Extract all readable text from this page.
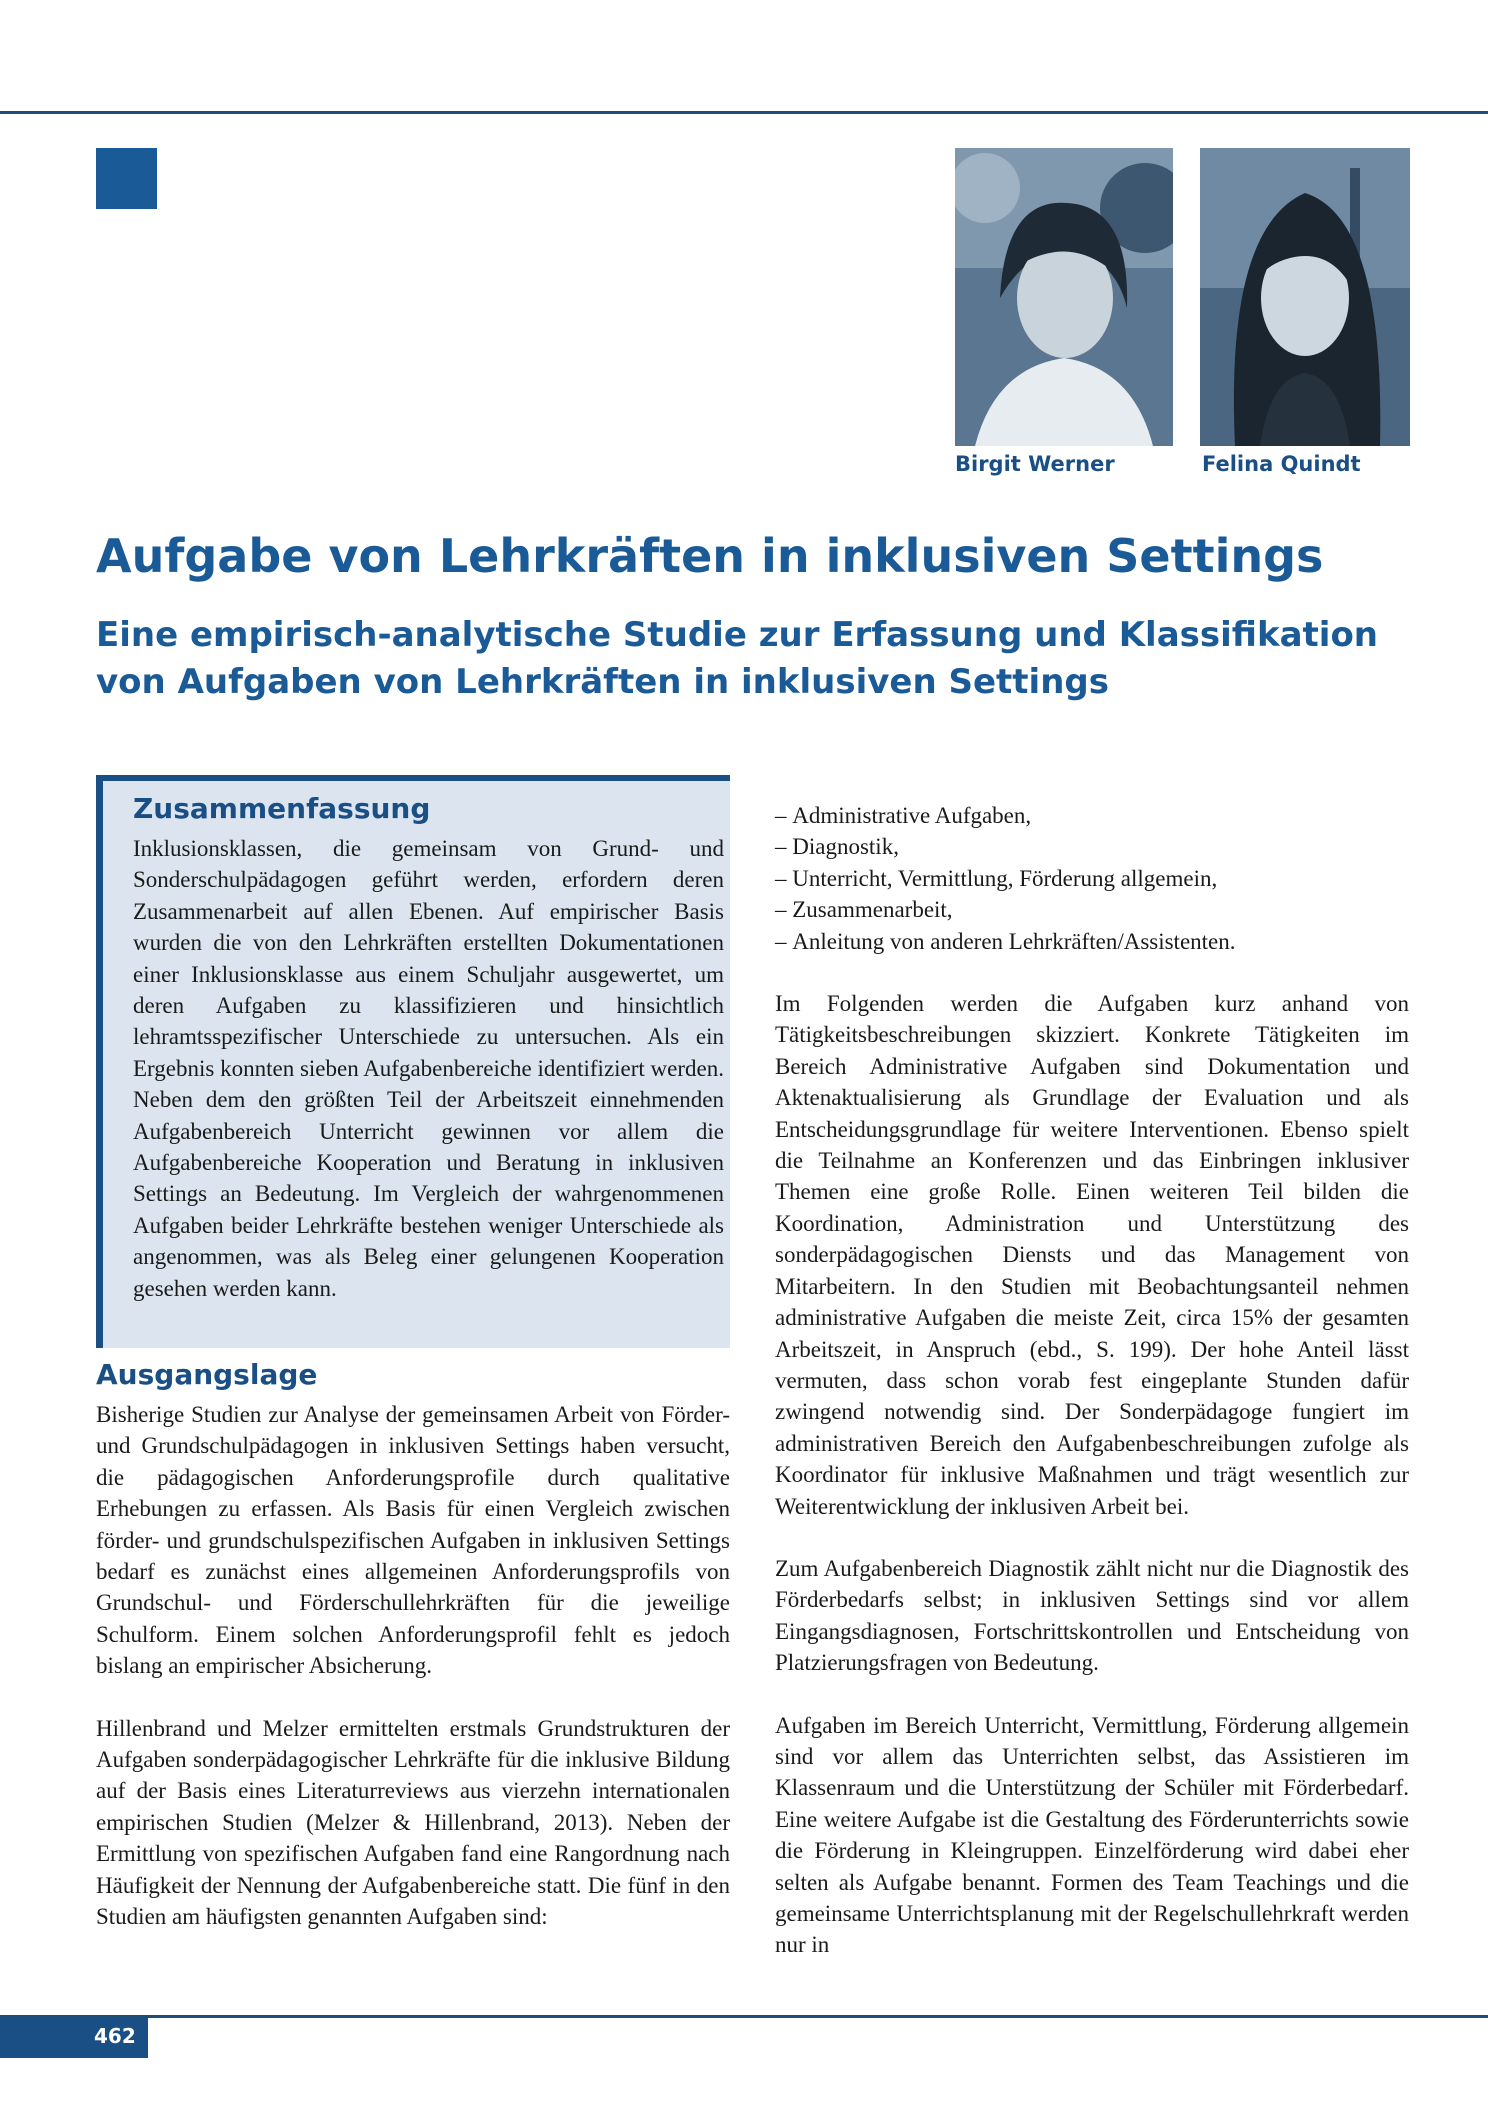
Birgit Werner	Felina Quindt
Aufgabe von Lehrkräften in inklusiven Settings
Eine empirisch-analytische Studie zur Erfassung und Klassifikation
von Aufgaben von Lehrkräften in inklusiven Settings
Zusammenfassung

Inklusionsklassen, die gemeinsam von Grund- und Sonderschulpädagogen geführt werden, erfordern deren Zusammenarbeit auf allen Ebenen. Auf empirischer Basis wurden die von den Lehrkräften erstellten Dokumentationen einer Inklusionsklasse aus einem Schuljahr ausgewertet, um deren Aufgaben zu klassifizieren und hinsichtlich lehramtsspezifischer Unterschiede zu untersuchen. Als ein Ergebnis konnten sieben Aufgabenbereiche identifiziert werden. Neben dem den größten Teil der Arbeitszeit einnehmenden Aufgabenbereich Unterricht gewinnen vor allem die Aufgabenbereiche Kooperation und Beratung in inklusiven Settings an Bedeutung. Im Vergleich der wahrgenommenen Aufgaben beider Lehrkräfte bestehen weniger Unterschiede als angenommen, was als Beleg einer gelungenen Kooperation gesehen werden kann.

Ausgangslage

Bisherige Studien zur Analyse der gemeinsamen Arbeit von Förder- und Grundschulpädagogen in inklusiven Settings haben versucht, die pädagogischen Anforderungsprofile durch qualitative Erhebungen zu erfassen. Als Basis für einen Vergleich zwischen förder- und grundschulspezifischen Aufgaben in inklusiven Settings bedarf es zunächst eines allgemeinen Anforderungsprofils von Grundschul- und Förderschullehrkräften für die jeweilige Schulform. Einem solchen Anforderungsprofil fehlt es jedoch bislang an empirischer Absicherung.

Hillenbrand und Melzer ermittelten erstmals Grundstrukturen der Aufgaben sonderpädagogischer Lehrkräfte für die inklusive Bildung auf der Basis eines Literaturreviews aus vierzehn internationalen empirischen Studien (Melzer & Hillenbrand, 2013). Neben der Ermittlung von spezifischen Aufgaben fand eine Rangordnung nach Häufigkeit der Nennung der Aufgabenbereiche statt. Die fünf in den Studien am häufigsten genannten Aufgaben sind:

– Administrative Aufgaben,
– Diagnostik,
– Unterricht, Vermittlung, Förderung allgemein,
– Zusammenarbeit,
– Anleitung von anderen Lehrkräften/Assistenten.

Im Folgenden werden die Aufgaben kurz anhand von Tätigkeitsbeschreibungen skizziert. Konkrete Tätigkeiten im Bereich Administrative Aufgaben sind Dokumentation und Aktenaktualisierung als Grundlage der Evaluation und als Entscheidungsgrundlage für weitere Interventionen. Ebenso spielt die Teilnahme an Konferenzen und das Einbringen inklusiver Themen eine große Rolle. Einen weiteren Teil bilden die Koordination, Administration und Unterstützung des sonderpädagogischen Diensts und das Management von Mitarbeitern. In den Studien mit Beobachtungsanteil nehmen administrative Aufgaben die meiste Zeit, circa 15% der gesamten Arbeitszeit, in Anspruch (ebd., S. 199). Der hohe Anteil lässt vermuten, dass schon vorab fest eingeplante Stunden dafür zwingend notwendig sind. Der Sonderpädagoge fungiert im administrativen Bereich den Aufgabenbeschreibungen zufolge als Koordinator für inklusive Maßnahmen und trägt wesentlich zur Weiterentwicklung der inklusiven Arbeit bei.

Zum Aufgabenbereich Diagnostik zählt nicht nur die Diagnostik des Förderbedarfs selbst; in inklusiven Settings sind vor allem Eingangsdiagnosen, Fortschrittskontrollen und Entscheidung von Platzierungsfragen von Bedeutung.

Aufgaben im Bereich Unterricht, Vermittlung, Förderung allgemein sind vor allem das Unterrichten selbst, das Assistieren im Klassenraum und die Unterstützung der Schüler mit Förderbedarf. Eine weitere Aufgabe ist die Gestaltung des Förderunterrichts sowie die Förderung in Kleingruppen. Einzelförderung wird dabei eher selten als Aufgabe benannt. Formen des Team Teachings und die gemeinsame Unterrichtsplanung mit der Regelschullehrkraft werden nur in

462
